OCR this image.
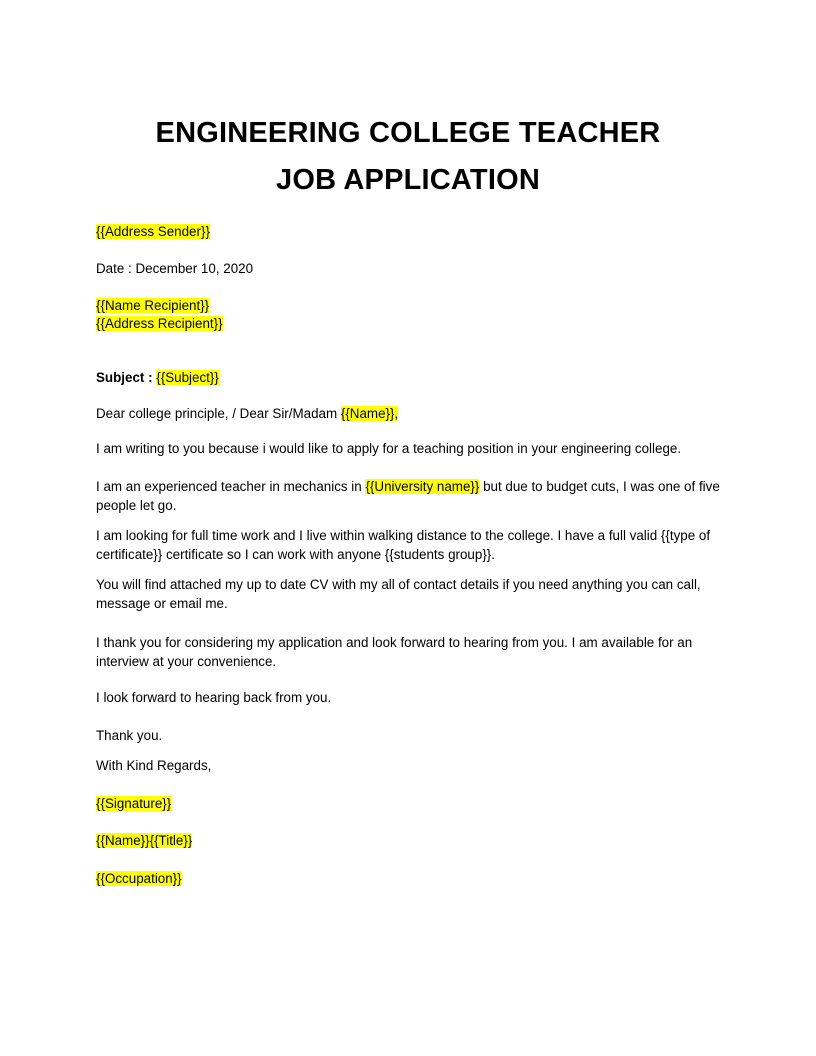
ENGINEERING COLLEGE TEACHER
JOB APPLICATION
{{Address Sender}}
Date : December 10, 2020
{{Name Recipient}}
{{Address Recipient}}
Subject : {{Subject}}
Dear college principle, / Dear Sir/Madam {{Name}},
I am writing to you because i would like to apply for a teaching position in your engineering college.
I am an experienced teacher in mechanics in {{University name}} but due to budget cuts, I was one of five people let go.
I am looking for full time work and I live within walking distance to the college. I have a full valid {{type of certificate}} certificate so I can work with anyone {{students group}}.
You will find attached my up to date CV with my all of contact details if you need anything you can call, message or email me.
I thank you for considering my application and look forward to hearing from you. I am available for an interview at your convenience.
I look forward to hearing back from you.
Thank you.
With Kind Regards,
{{Signature}}
{{Name}}{{Title}}
{{Occupation}}
